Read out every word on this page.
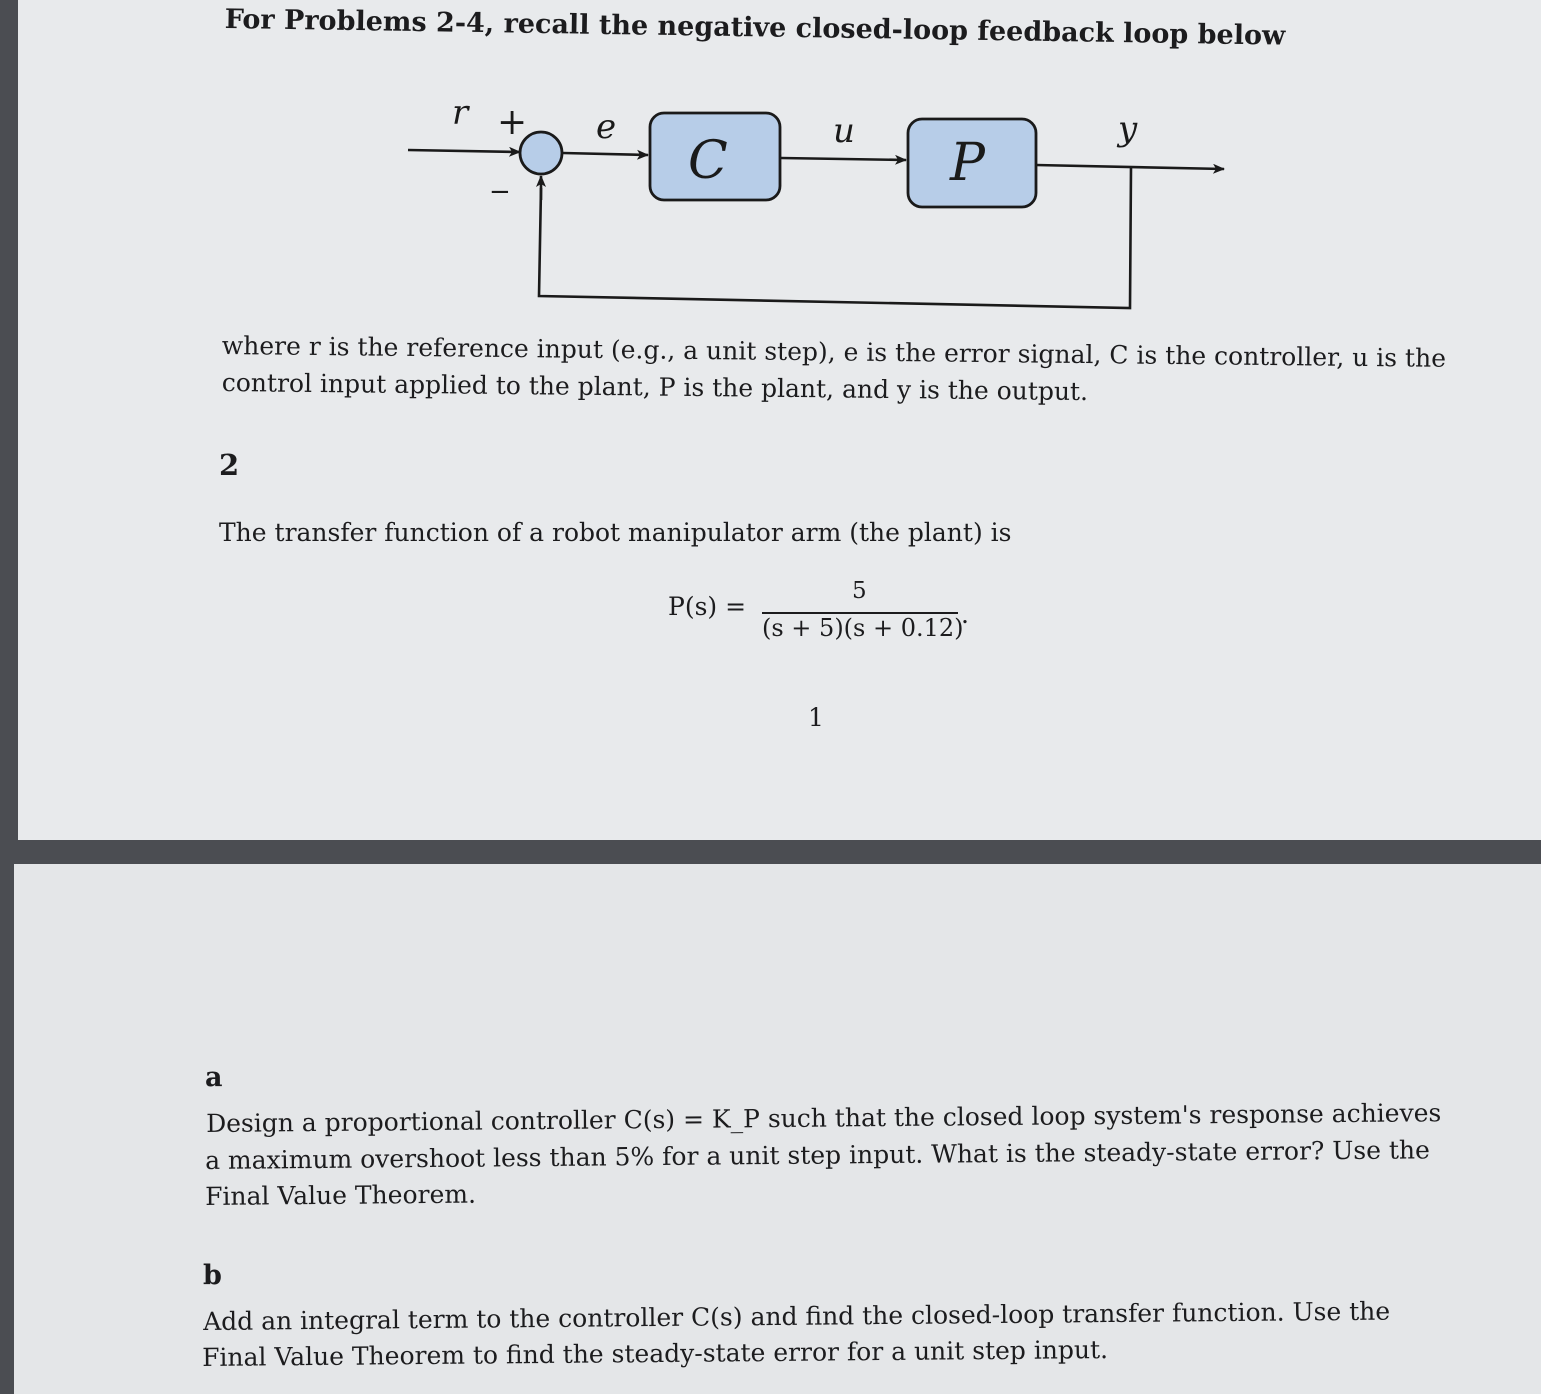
For Problems 2-4, recall the negative closed-loop feedback loop below
r +
−
e
C	u
P
y
where r is the reference input (e.g., a unit step), e is the error signal, C is the controller, u is the
control input applied to the plant, P is the plant, and y is the output.
2
The transfer function of a robot manipulator arm (the plant) is
P(s) =
5
(s + 5)(s + 0.12)
.
1
a
Design a proportional controller C(s) = K_P such that the closed loop system's response achieves
a maximum overshoot less than 5% for a unit step input. What is the steady-state error? Use the
Final Value Theorem.
b
Add an integral term to the controller C(s) and find the closed-loop transfer function. Use the
Final Value Theorem to find the steady-state error for a unit step input.
